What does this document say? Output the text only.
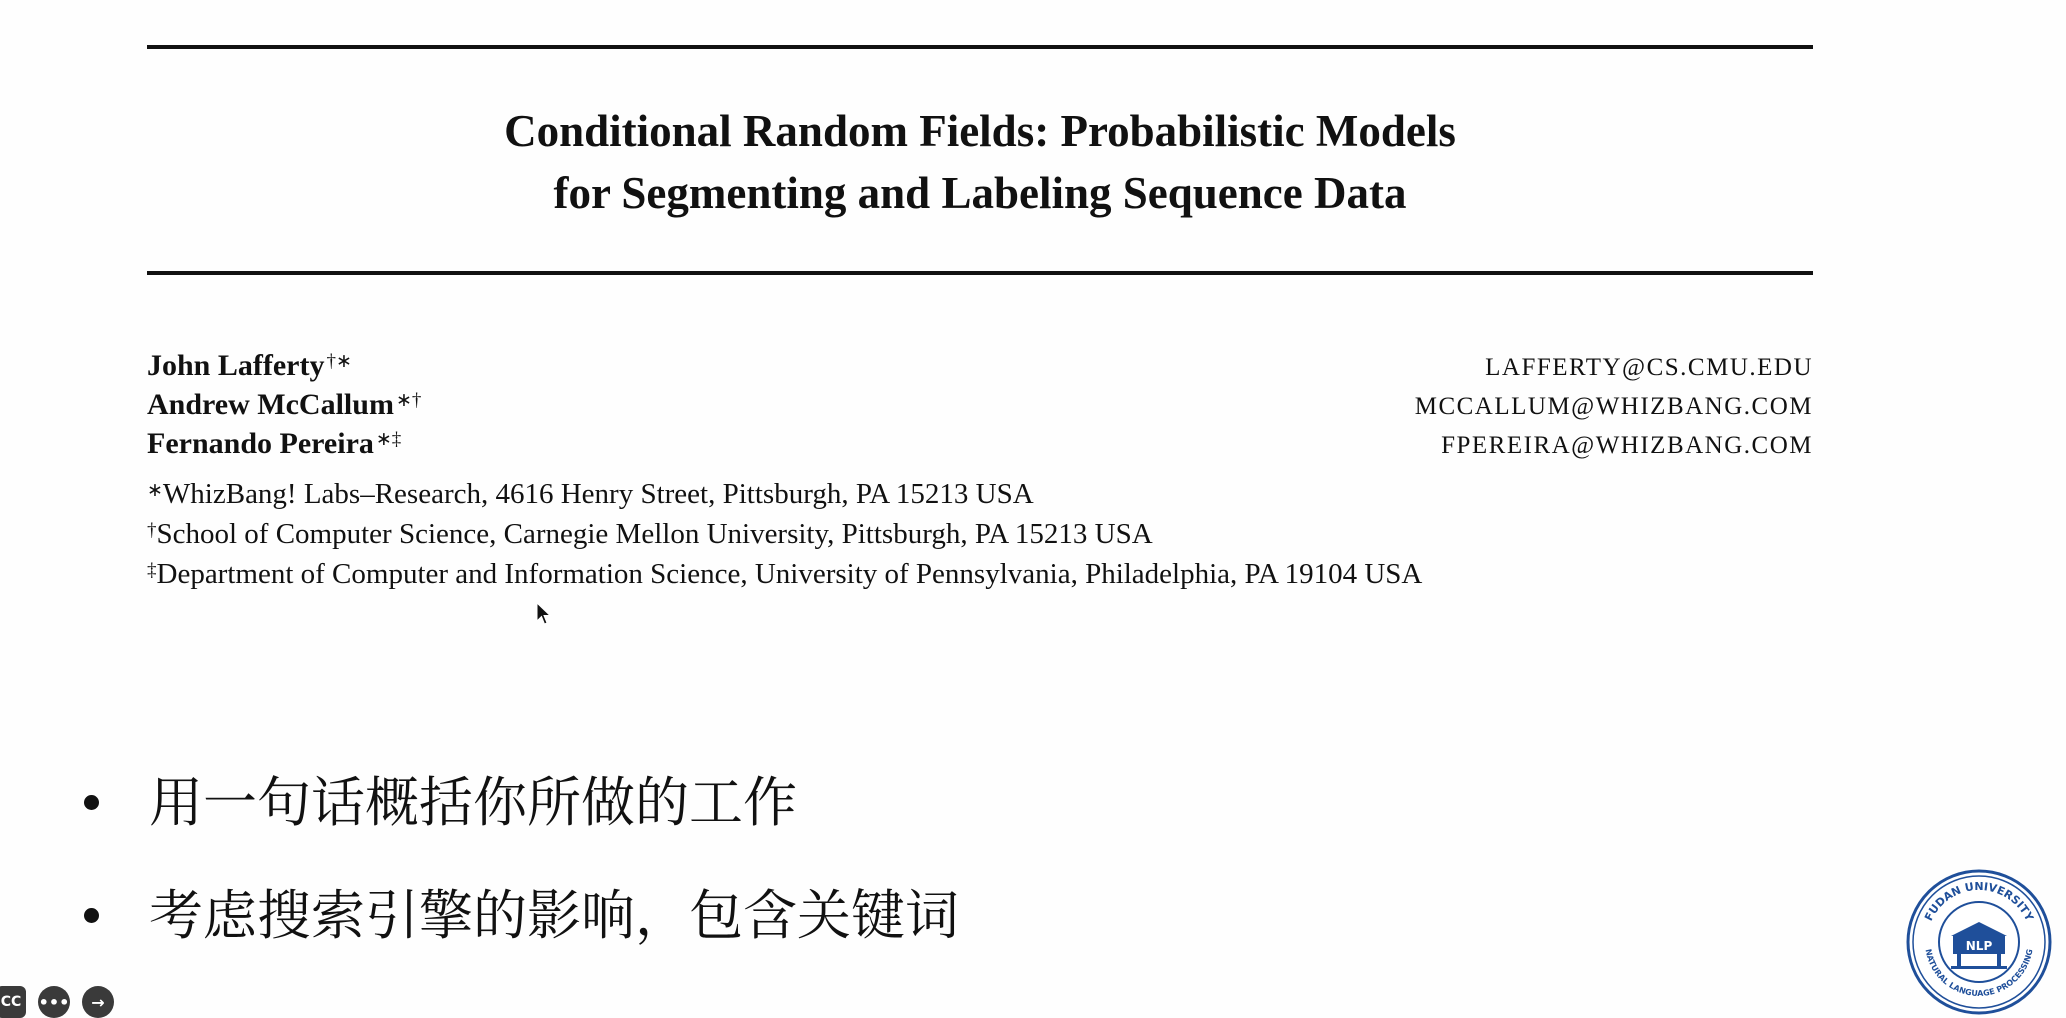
Conditional Random Fields: Probabilistic Models
for Segmenting and Labeling Sequence Data
John Lafferty †∗	LAFFERTY@CS.CMU.EDU
Andrew McCallum ∗†	MCCALLUM@WHIZBANG.COM
Fernando Pereira ∗‡	FPEREIRA@WHIZBANG.COM
∗WhizBang! Labs–Research, 4616 Henry Street, Pittsburgh, PA 15213 USA
†School of Computer Science, Carnegie Mellon University, Pittsburgh, PA 15213 USA
‡Department of Computer and Information Science, University of Pennsylvania, Philadelphia, PA 19104 USA
用一句话概括你所做的工作
考虑搜索引擎的影响，包含关键词
CC •••	→
FUDAN UNIVERSITY
NATURAL LANGUAGE PROCESSING
NLP
